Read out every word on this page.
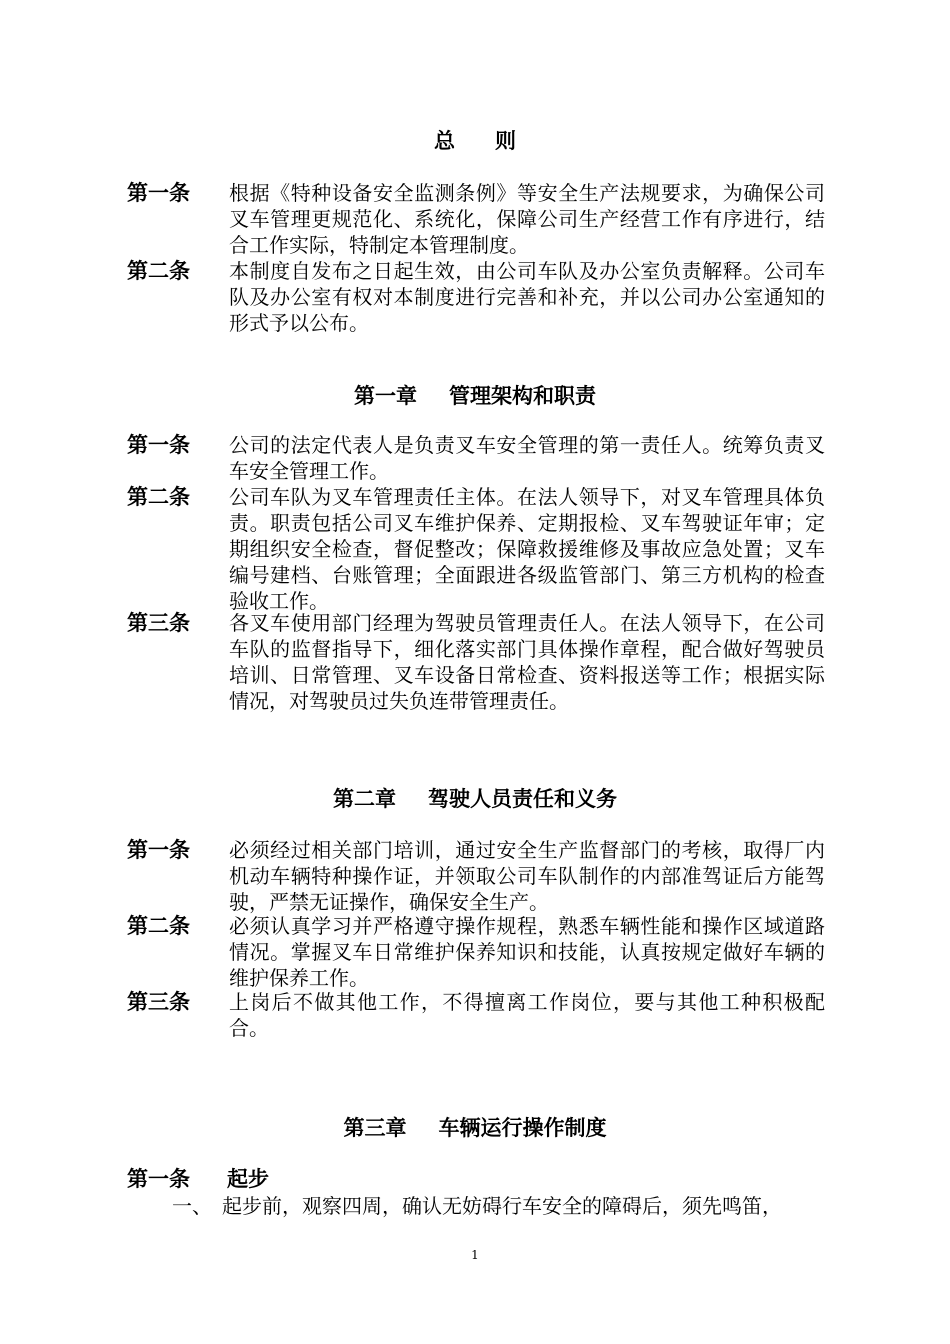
总 则
第一条 根据《特种设备安全监测条例》等安全生产法规要求，为确保公司叉车管理更规范化、系统化，保障公司生产经营工作有序进行，结合工作实际，特制定本管理制度。
第二条 本制度自发布之日起生效，由公司车队及办公室负责解释。公司车队及办公室有权对本制度进行完善和补充，并以公司办公室通知的形式予以公布。
第一章 管理架构和职责
第一条 公司的法定代表人是负责叉车安全管理的第一责任人。统筹负责叉车安全管理工作。
第二条 公司车队为叉车管理责任主体。在法人领导下，对叉车管理具体负责。职责包括公司叉车维护保养、定期报检、叉车驾驶证年审；定期组织安全检查，督促整改；保障救援维修及事故应急处置；叉车编号建档、台账管理；全面跟进各级监管部门、第三方机构的检查验收工作。
第三条 各叉车使用部门经理为驾驶员管理责任人。在法人领导下，在公司车队的监督指导下，细化落实部门具体操作章程，配合做好驾驶员培训、日常管理、叉车设备日常检查、资料报送等工作；根据实际情况，对驾驶员过失负连带管理责任。
第二章 驾驶人员责任和义务
第一条 必须经过相关部门培训，通过安全生产监督部门的考核，取得厂内机动车辆特种操作证，并领取公司车队制作的内部准驾证后方能驾驶，严禁无证操作，确保安全生产。
第二条 必须认真学习并严格遵守操作规程，熟悉车辆性能和操作区域道路情况。掌握叉车日常维护保养知识和技能，认真按规定做好车辆的维护保养工作。
第三条 上岗后不做其他工作，不得擅离工作岗位，要与其他工种积极配合。
第三章 车辆运行操作制度
第一条 起步
一、 起步前，观察四周，确认无妨碍行车安全的障碍后，须先鸣笛，
1
